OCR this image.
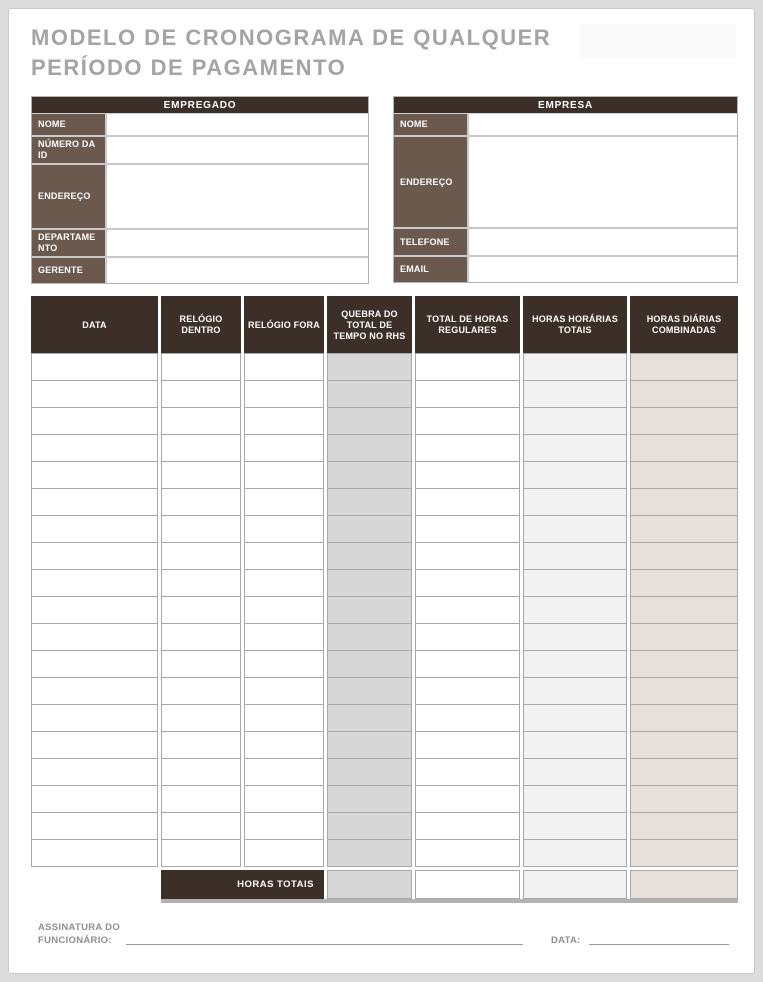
MODELO DE CRONOGRAMA DE QUALQUER
PERÍODO DE PAGAMENTO
EMPREGADO
NOME
NÚMERO DA ID
ENDEREÇO
DEPARTAMENTO
GERENTE
EMPRESA
NOME
ENDEREÇO
TELEFONE
EMAIL
DATA
RELÓGIO DENTRO
RELÓGIO FORA
QUEBRA DO TOTAL DE TEMPO NO RHS
TOTAL DE HORAS REGULARES
HORAS HORÁRIAS TOTAIS
HORAS DIÁRIAS COMBINADAS
HORAS TOTAIS
ASSINATURA DO FUNCIONÁRIO:	DATA:
